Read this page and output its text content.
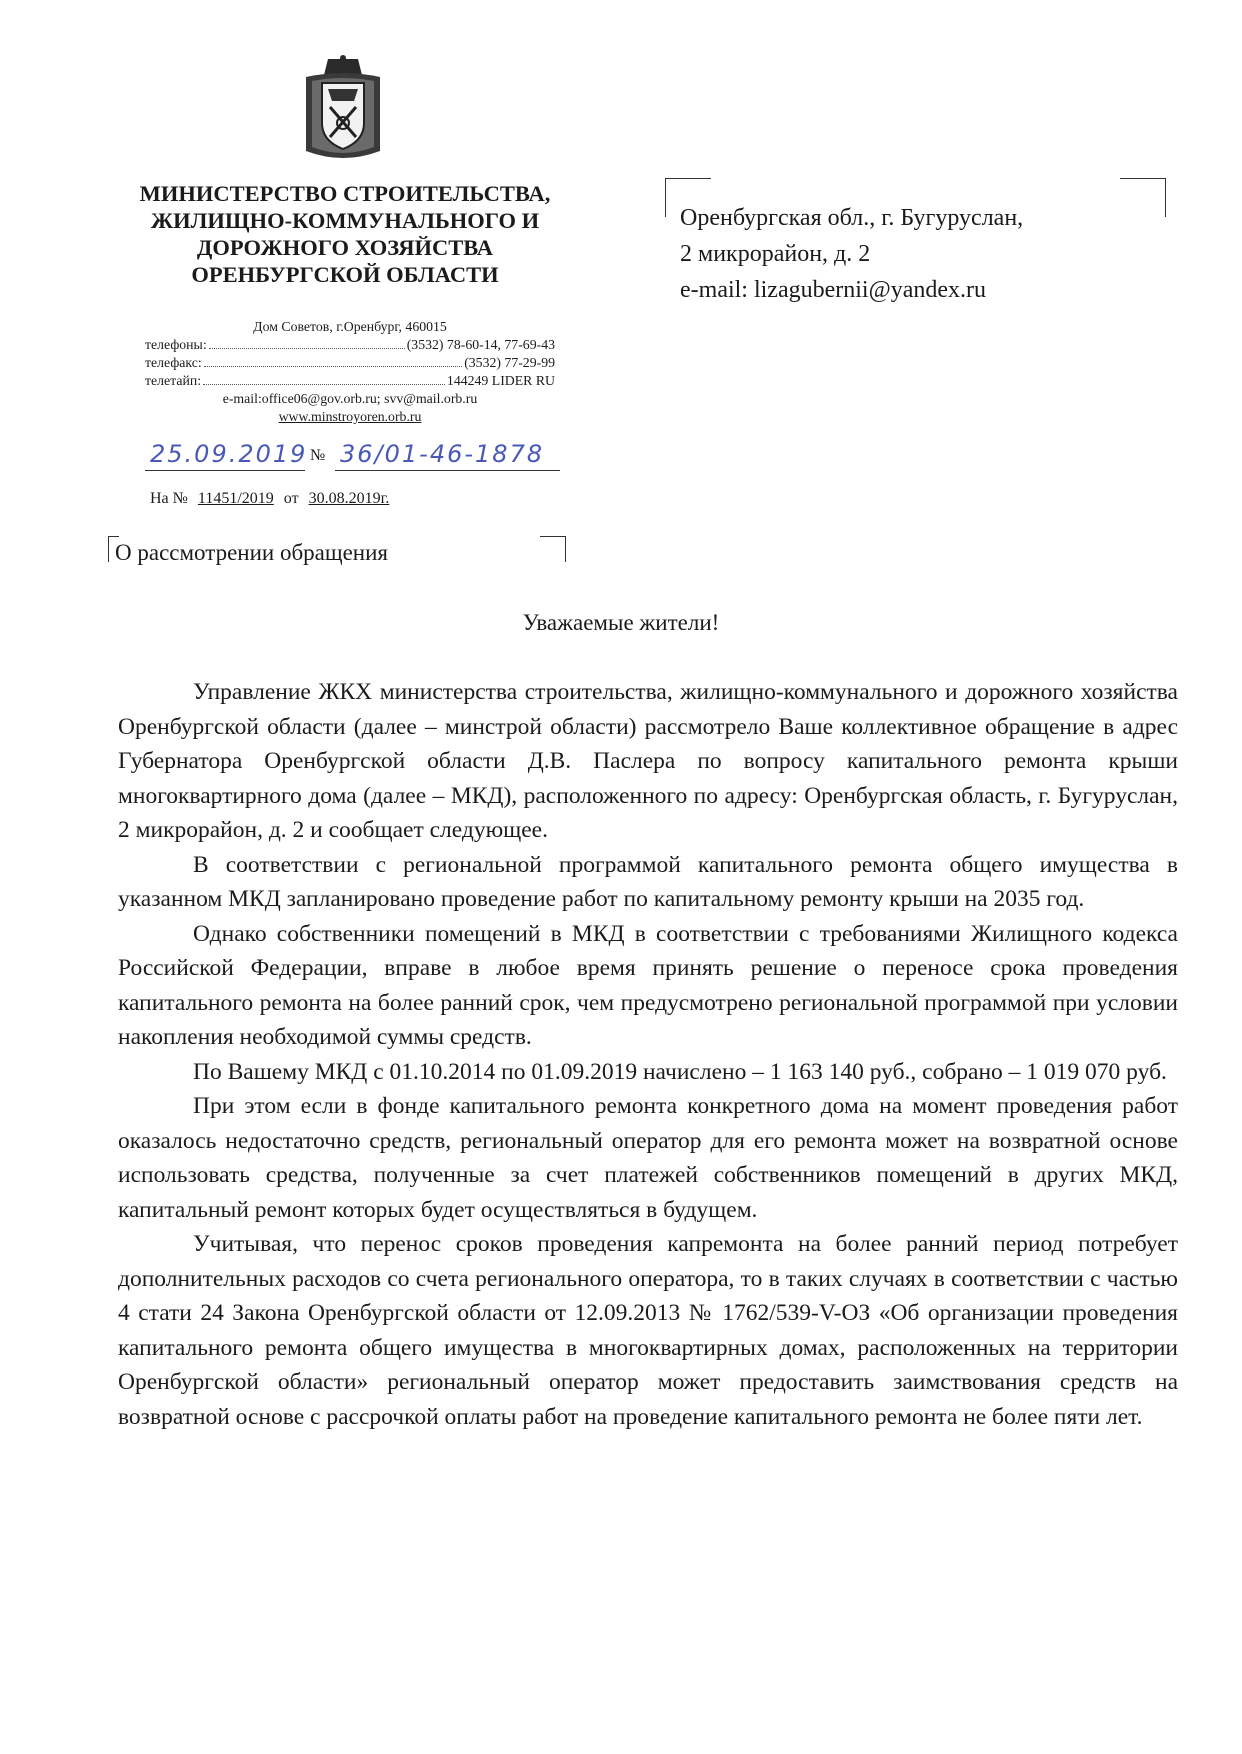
МИНИСТЕРСТВО СТРОИТЕЛЬСТВА,
ЖИЛИЩНО-КОММУНАЛЬНОГО И
ДОРОЖНОГО ХОЗЯЙСТВА
ОРЕНБУРГСКОЙ ОБЛАСТИ
Дом Советов, г.Оренбург, 460015
телефоны:	(3532) 78-60-14, 77-69-43
телефакс:	(3532) 77-29-99
телетайп:	144249 LIDER RU
e-mail:office06@gov.orb.ru; svv@mail.orb.ru
www.minstroyoren.orb.ru
25.09.2019 № 36/01-46-1878
На № 11451/2019 от 30.08.2019г.
О рассмотрении обращения
Оренбургская обл., г. Бугуруслан,
2 микрорайон, д. 2
e-mail: lizagubernii@yandex.ru
Уважаемые жители!

Управление ЖКХ министерства строительства, жилищно-коммунального и дорожного хозяйства Оренбургской области (далее – минстрой области) рассмотрело Ваше коллективное обращение в адрес Губернатора Оренбургской области Д.В. Паслера по вопросу капитального ремонта крыши многоквартирного дома (далее – МКД), расположенного по адресу: Оренбургская область, г. Бугуруслан, 2 микрорайон, д. 2 и сообщает следующее.

В соответствии с региональной программой капитального ремонта общего имущества в указанном МКД запланировано проведение работ по капитальному ремонту крыши на 2035 год.

Однако собственники помещений в МКД в соответствии с требованиями Жилищного кодекса Российской Федерации, вправе в любое время принять решение о переносе срока проведения капитального ремонта на более ранний срок, чем предусмотрено региональной программой при условии накопления необходимой суммы средств.

По Вашему МКД с 01.10.2014 по 01.09.2019 начислено – 1 163 140 руб., собрано – 1 019 070 руб.

При этом если в фонде капитального ремонта конкретного дома на момент проведения работ оказалось недостаточно средств, региональный оператор для его ремонта может на возвратной основе использовать средства, полученные за счет платежей собственников помещений в других МКД, капитальный ремонт которых будет осуществляться в будущем.

Учитывая, что перенос сроков проведения капремонта на более ранний период потребует дополнительных расходов со счета регионального оператора, то в таких случаях в соответствии с частью 4 стати 24 Закона Оренбургской области от 12.09.2013 № 1762/539-V-ОЗ «Об организации проведения капитального ремонта общего имущества в многоквартирных домах, расположенных на территории Оренбургской области» региональный оператор может предоставить заимствования средств на возвратной основе с рассрочкой оплаты работ на проведение капитального ремонта не более пяти лет.
